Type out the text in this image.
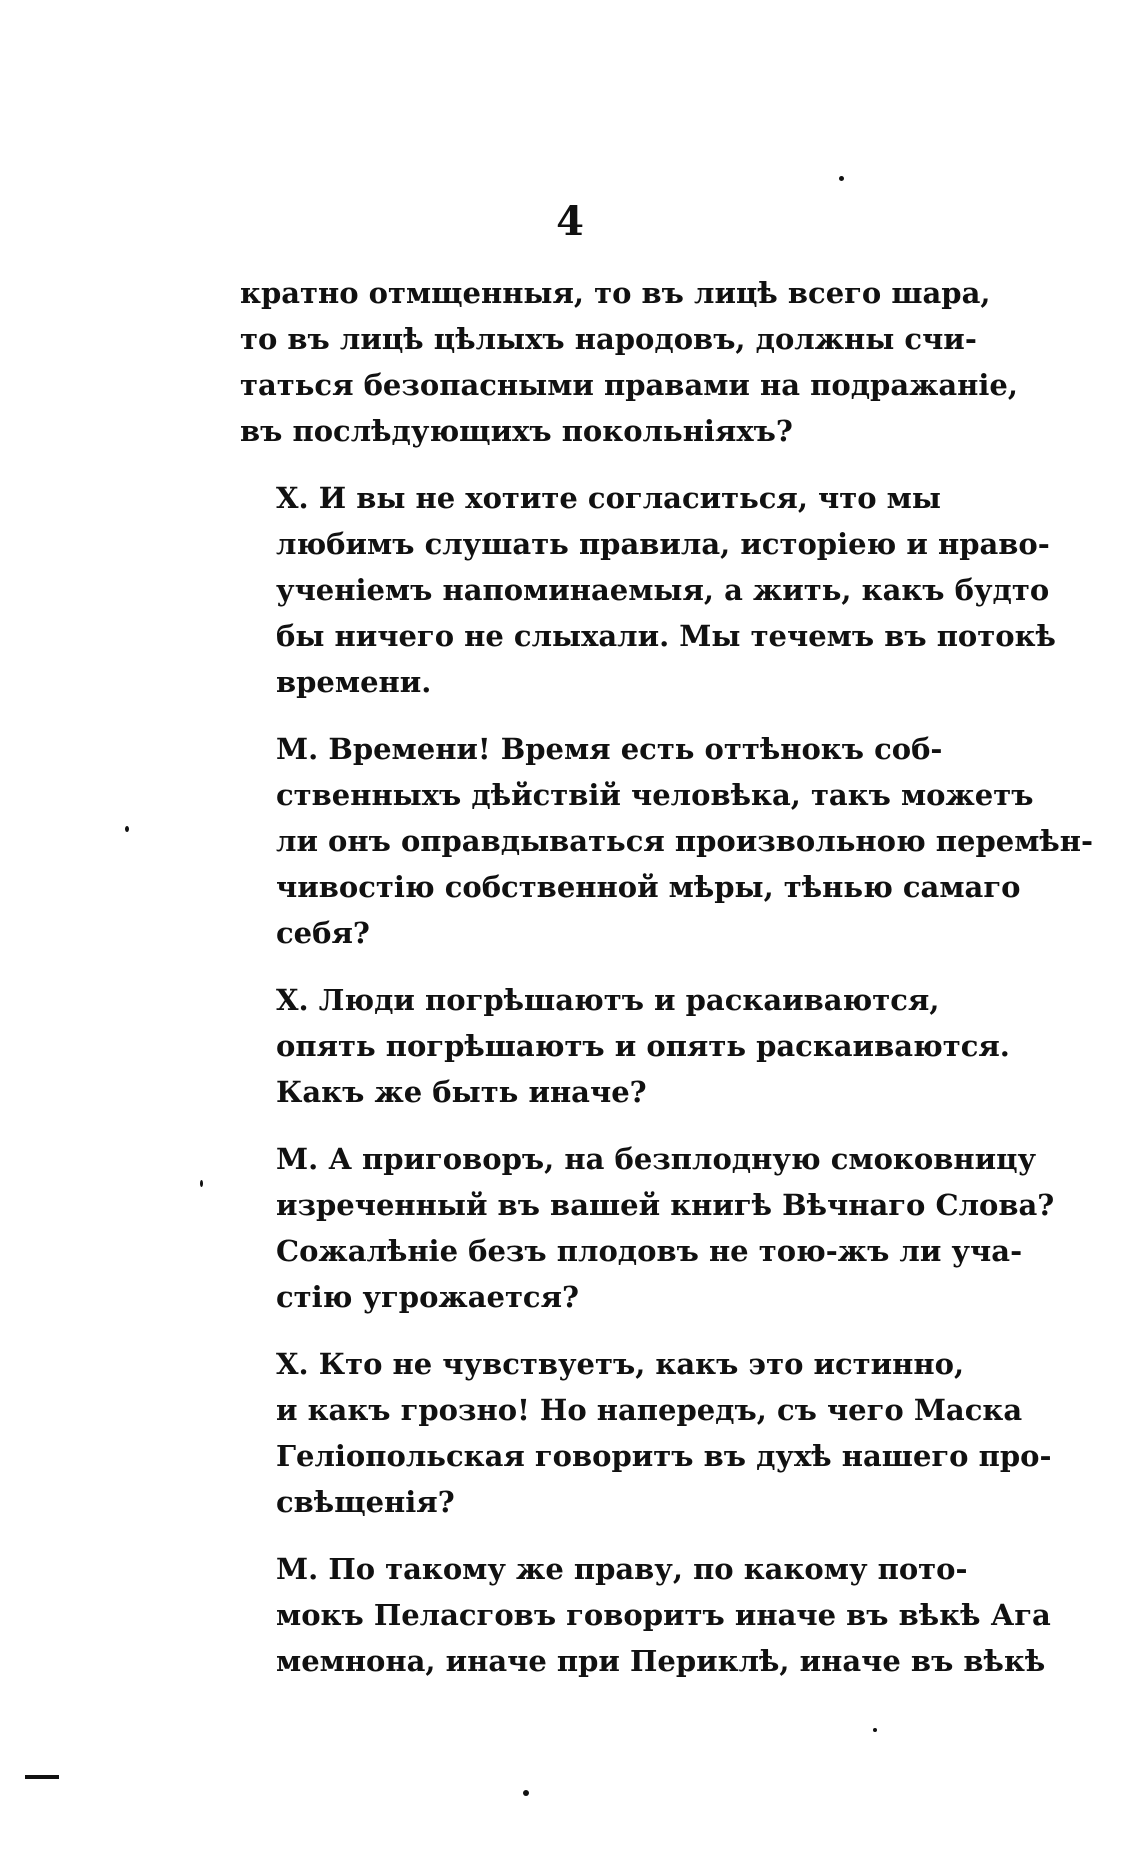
4

кратно отмщенныя, то въ лицѣ всего шара,
то въ лицѣ цѣлыхъ народовъ, должны счи-
таться безопасными правами на подражаніе,
въ послѣдующихъ покольніяхъ?

Х. И вы не хотите согласиться, что мы
любимъ слушать правила, исторіею и нраво-
ученіемъ напоминаемыя, а жить, какъ будто
бы ничего не слыхали. Мы течемъ въ потокѣ
времени.

М. Времени! Время есть оттѣнокъ соб-
ственныхъ дѣйствій человѣка, такъ можетъ
ли онъ оправдываться произвольною перемѣн-
чивостію собственной мѣры, тѣнью самаго
себя?

Х. Люди погрѣшаютъ и раскаиваются,
опять погрѣшаютъ и опять раскаиваются.
Какъ же быть иначе?

М. А приговоръ, на безплодную смоковницу
изреченный въ вашей книгѣ Вѣчнаго Слова?
Сожалѣніе безъ плодовъ не тою-жъ ли уча-
стію угрожается?

Х. Кто не чувствуетъ, какъ это истинно,
и какъ грозно! Но напередъ, съ чего Маска
Геліопольская говоритъ въ духѣ нашего про-
свѣщенія?

М. По такому же праву, по какому пото-
мокъ Пеласговъ говоритъ иначе въ вѣкѣ Ага
мемнона, иначе при Периклѣ, иначе въ вѣкѣ
